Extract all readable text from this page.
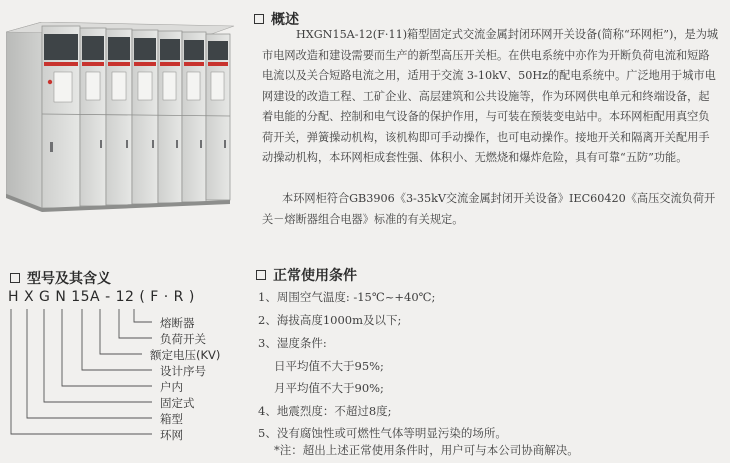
概述
HXGN15A-12(F·11)箱型固定式交流金属封闭环网开关设备(简称“环网柜”)，是为城市电网改造和建设需要而生产的新型高压开关柜。在供电系统中亦作为开断负荷电流和短路电流以及关合短路电流之用，适用于交流 3-10kV、50Hz的配电系统中。广泛地用于城市电网建设的改造工程、工矿企业、高层建筑和公共设施等，作为环网供电单元和终端设备，起着电能的分配、控制和电气设备的保护作用，与可装在预装变电站中。本环网柜配用真空负荷开关，弹簧操动机构，该机构即可手动操作，也可电动操作。接地开关和隔离开关配用手动操动机构，本环网柜成套性强、体积小、无燃烧和爆炸危险，具有可靠“五防”功能。
本环网柜符合GB3906《3-35kV交流金属封闭开关设备》IEC60420《高压交流负荷开关－熔断器组合电器》标准的有关规定。
型号及其含义
H X G N 15A - 12 ( F · R )
熔断器
负荷开关
额定电压(KV)
设计序号
户内
固定式
箱型
环网
正常使用条件
1、周围空气温度: -15℃~+40℃;
2、海拔高度1000m及以下;
3、湿度条件:
日平均值不大于95%;
月平均值不大于90%;
4、地震烈度：不超过8度;
5、没有腐蚀性或可燃性气体等明显污染的场所。
*注：超出上述正常使用条件时，用户可与本公司协商解决。
